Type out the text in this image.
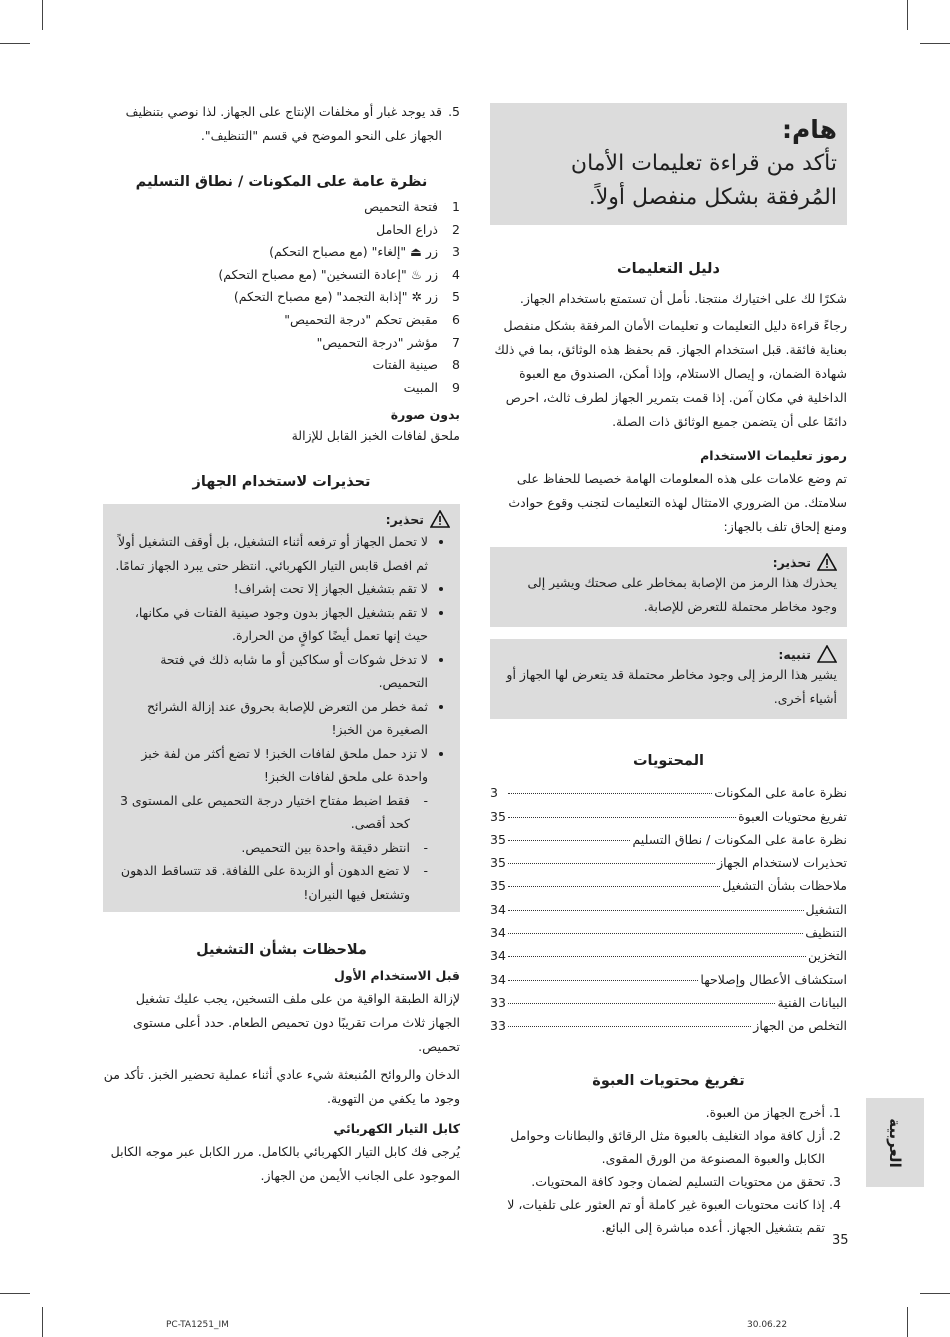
هام:
تأكد من قراءة تعليمات الأمان المُرفقة بشكل منفصل أولاً.
دليل التعليمات

شكرًا لك على اختيارك منتجنا. نأمل أن تستمتع باستخدام الجهاز.

رجاءً قراءة دليل التعليمات و تعليمات الأمان المرفقة بشكل منفصل بعناية فائقة. قبل استخدام الجهاز. قم بحفظ هذه الوثائق، بما في ذلك شهادة الضمان، و إيصال الاستلام، وإذا أمكن، الصندوق مع العبوة الداخلية في مكان آمن. إذا قمت بتمرير الجهاز لطرف ثالث، احرص دائمًا على أن يتضمن جميع الوثائق ذات الصلة.

رموز تعليمات الاستخدام

تم وضع علامات على هذه المعلومات الهامة خصيصا للحفاظ على سلامتك. من الضروري الامتثال لهذه التعليمات لتجنب وقوع حوادث ومنع إلحاق تلف بالجهاز:

تحذير:

يحذرك هذا الرمز من الإصابة بمخاطر على صحتك ويشير إلى وجود مخاطر محتملة للتعرض للإصابة.

تنبيه:

يشير هذا الرمز إلى وجود مخاطر محتملة قد يتعرض لها الجهاز أو أشياء أخرى.

المحتويات
نظرة عامة على المكونات
3
تفريغ محتويات العبوة
35
نظرة عامة على المكونات / نطاق التسليم
35
تحذيرات لاستخدام الجهاز
35
ملاحظات بشأن التشغيل
35
التشغيل
34
التنظيف
34
التخزين
34
استكشاف الأعطال وإصلاحها
34
البيانات الفنية
33
التخلص من الجهاز
33
تفريغ محتويات العبوة
1. أخرج الجهاز من العبوة.
2. أزل كافة مواد التغليف بالعبوة مثل الرقائق والبطانات وحوامل الكابل والعبوة المصنوعة من الورق المقوى.
3. تحقق من محتويات التسليم لضمان وجود كافة المحتويات.
4. إذا كانت محتويات العبوة غير كاملة أو تم العثور على تلفيات، لا تقم بتشغيل الجهاز. أعده مباشرة إلى البائع.
5.

قد يوجد غبار أو مخلفات الإنتاج على الجهاز. لذا نوصي بتنظيف الجهاز على النحو الموضح في قسم "التنظيف".

نظرة عامة على المكونات / نطاق التسليم
1
فتحة التحميص
2
ذراع الحامل
3
زر ⏏ "إلغاء" (مع مصباح التحكم)
4
زر ♨ "إعادة التسخين" (مع مصباح التحكم)
5
زر ✲ "إذابة التجمد" (مع مصباح التحكم)
6
مقبض تحكم "درجة التحميص"
7
مؤشر "درجة التحميص"
8
صينية الفتات
9
المبيت
بدون صورة

ملحق لفافات الخبز القابل للإزالة

تحذيرات لاستخدام الجهاز
تحذير:
• لا تحمل الجهاز أو ترفعه أثناء التشغيل، بل أوقف التشغيل أولاً ثم افصل قابس التيار الكهربائي. انتظر حتى يبرد الجهاز تمامًا.
• لا تقم بتشغيل الجهاز إلا تحت إشراف!
• لا تقم بتشغيل الجهاز بدون وجود صينية الفتات في مكانها، حيث إنها تعمل أيضًا كواقٍ من الحرارة.
• لا تدخل شوكات أو سكاكين أو ما شابه ذلك في فتحة التحميص.
• ثمة خطر من التعرض للإصابة بحروق عند إزالة الشرائح الصغيرة من الخبز!
• لا تزد حمل ملحق لفافات الخبز! لا تضع أكثر من لفة خبز واحدة على ملحق لفافات الخبز!
- فقط اضبط مفتاح اختيار درجة التحميص على المستوى 3 كحد أقصى.
- انتظر دقيقة واحدة بين التحميص.
- لا تضع الدهون أو الزبدة على اللفافة. قد تتساقط الدهون وتشتعل فيها النيران!
ملاحظات بشأن التشغيل
قبل الاستخدام الأول

لإزالة الطبقة الواقية من على ملف التسخين، يجب عليك تشغيل الجهاز ثلاث مرات تقريبًا دون تحميص الطعام. حدد أعلى مستوى تحميص.

الدخان والروائح المُنبعثة شيء عادي أثناء عملية تحضير الخبز. تأكد من وجود ما يكفي من التهوية.

كابل التيار الكهربائي

يُرجى فك كابل التيار الكهربائي بالكامل. مرر الكابل عبر موجه الكابل الموجود على الجانب الأيمن من الجهاز.

العربية
35
PC-TA1251_IM	30.06.22
